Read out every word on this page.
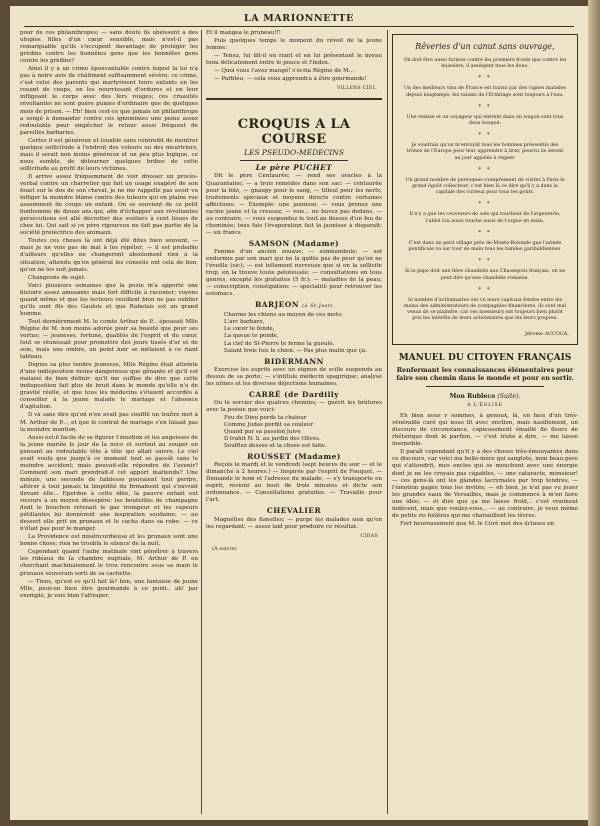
LA MARIONNETTE

pour de ces philanthropes; — sans doute ils obéissent à des utopies filles d'un cœur sensible, mais n'est-il pas remarquable qu'ils s'occupent davantage de protéger les grèdins contre les honnêtes gens que les honnêtes gens contre les grèdins?

Ainsi il y a un crime épouvantable contre lequel la loi n'a pas à notre avis de châtiment suffisamment sévère; ce crime, c'est celui des parents qui martyrisent leurs enfants en les rouant de coups, en les nourrissant d'ordures et en leur infligeant le corps avec des fers rouges; ces cruautés révoltantes ne sont guère punies d'ordinaire que de quelques mois de prison. — Eh! bien cest-ce que jamais un philanthrope a songé à demander contre ces ignominies une peine assez redoutable pour empêcher le retour aussi fréquent de pareilles barbaries.

Certes il est généreux et louable sans contredit de montrer quelque sollicitude à l'endroit des voleurs ou des meurtriers, mais il serait non moins généreux et un peu plus logique, ce nous semble, de détourner quelques bribes de cette sollicitude au profit de leurs victimes.

Il arrive assez fréquemment de voir dresser un procès-verbal contre un charretier qui fait un usage exagéré de son fouet sur le dos de son cheval, je ne me rappelle pas avoir vu infliger la moindre blâme contre des tuteurs qui en plaine rue assomment de coups un enfant. On se souvient de ce petit bonhomme de douze ans qui, afin d'échapper aux révoltantes persécutions est allé décrotter des souliers à cent lieues de chez lui. Qui sait si ce père rigoureux ne fait pas partie de la société protectrice des animaux.

Toutes ces choses là ont déjà été dites bien souvent, — mais je ne vois pas de mal à les répéter; — il est probable d'ailleurs qu'elles ne changeront absolument rien à la situation, attendu qu'en général les conseils ont cela de bon, qu'on ne les suit jamais.

Changeons de sujet.

Voici plusieurs semaines que la poste m'a apporté une histoire assez amusante mais fort difficile à raconter; voyons quand même et que les lecteurs veuillent bien ne pas oublier qu'ils sont fils des Gaulois et que Rabelais est un grand homme.

Tout dernièrement M. le comte Arthur de P... épousait Mlle Régine de M. non moins adorée pour sa beauté que pour ses vertus; — jeunesse, fortune, qualités de l'esprit et du cœur, tout se réunissait pour promettre des jours tissés d'or et de soie, mais une ombre, un point noir se mêlaient à ce riant tableau.

Depuis sa plus tendre jeunesse, Mlle Régine était atteinte d'une indisposition moins dangereuse que gênante et qu'il est malaisé de bien définir: qu'il me suffise de dire que cette indisposition fait plus de bruit dans le monde qu'elle n'a de gravité réelle, et que tous les médecins s'étaient accordés à conseiller à la jeune malade le mariage et l'absence d'agitation.

Il va sans dire qu'on n'en avait pas soufflé un traître mot à M. Arthur de P..., et que le contrat de mariage s'en faisait pas la moindre mention.

Aussi est-il facile de se figurer l'émotion et les angoisses de la jeune mariée le jour de la noce et surtout au souper en pensant au redoutable tête à tête qui allait suivre. Le ciel avait voulu que jusqu'à ce moment tout se passât sans le moindre accident; mais pouvait-elle répondre de l'avenir? Comment son mari prendrait-il cet apport inattendu? Une minute, une seconde de faiblesse pouvaient tout perdre, altérer à tout jamais la limpidité du firmament qui s'ouvrait devant elle... Eperdue à cette idée, la pauvre enfant eut recours à un moyen désespéré: les bouteilles de champagne dont le bouchon retenait le gaz trompeur et les vapeurs pétillantes lui donnèrent une inspiration soudaine: — au dessert elle prit un prunaux et le cacha dans sa robe: — ce n'était pas pour le manger.

La Providence est miséricordieuse et les prunaux sont une bonne chose: rien ne troubla le silence de la nuit.

Cependant quand l'aube matinale vint pénétrer à travers les rideaux de la chambre nuptiale, M. Arthur de P. en cherchant machinalement le trou rencontre sous sa main le prunaux souverain sorti de sa cachette.

— Tiens, qu'est ce qu'il fait là? bon, une fantaisie de jeune Mlle, peut-on bien être gourmande à ce point.. ah! par exemple, je vois bien l'attraper:

Et il mangea le pruneau!!!

Puis quelques temps le moment du réveil de la jeune femme:

— Tenez, lui dit-il en riant et en lui présentant le noyau tenu délicatement entre le pouce et l'index.

— Quoi vous l'avez mangé! s'écria Régine de M...

— Parbleu, — cela vous apprendra à être gourmande!

VILLERS CIEL.
CROQUIS A LA COURSE
LES PSEUDO-MÉDECINS
Le père PUCHET

Dit le père Centaurée; — rend ses oracles à la Quarantaine; — a trois remèdes dans son sac: — centaurée pour la bile, — gnaupy pour le sang, — tilleul pour les nerfs; traitements spéciaux et moyens directs contre certaines affections. — Exemple: une jaunisse; — vous prenez une racine jaune et la creusez, — vois... ne buvez pas dedans, — au contraire, — vous suspendez le tout au dessus d'un feu de cheminée; tous fais l'évaporation fait la jaunisse à disparaît; — six francs.

SAMSON (Madame)

Femme d'un ancien zouave; — somnambule; — est endormie par son mari qui ne la quitte pas de peur qu'on ne l'éveille (sic); — est tellement nerveuse que si on la sollicite trop, en la trouve toute peloteusée; — consultations en tous genres, excepté les gratuites (5 fr.); — maladies de la peau; — conscription, constipation; — spécialité pour retrouver les estomacs.

BARJEON (à St-Just)

Charme les chiens au moyen de ces mots:

L'arc barbare,

Le cœur te fende,

La queue te pende,

La clef de St-Pierre te ferme la gueule.

Salant trois fois le chien. — Pas plus malin que ça.

BIDERMANN

Exorcise les esprits avec un oignon de scille suspendu au dessus de sa porte; — s'intitule médecin spagirique; analyse les urines et les diverses déjections humaines.

CARRÉ (de Dardilly

Ou le sorcier des quatres chemins; — guérit les brûlures avec la poésie que voici:

Feu de Dieu perds ta chaleur

Comme Judas perdit sa couleur

Quand par sa passion juive

Il trahit N. S. au jardin des Olives.

Soufflez dessus et la chose est faite.

ROUSSET (Madame)

Reçois le mardi et le vendredi (sept heures du soir — et le dimanche à 2 heures.) — Inspirée par l'esprit de Fouquet. — Demande le nom et l'adresse du malade, — s'y transporte en esprit, revient au bout de trois minutes et dicte son ordonnance. — Consultations gratuites. — Travaille pour l'art.

CHEVALIER

Magnétise des flanelles; — purge les malades sien qu'en les regardant; — assez laid pour produire ce résultat.

CIDAS
(A suivre)
Rêveries d'un canut sans ouvrage,
On doit être aussi furieux contre les premiers froids que contre les huissiers; il assiègent tous les deux.
* *
Un des meilleurs vins de France est fourni par des vignes malades depuis longtemps; les raisins de l'Ermitage sont toujours à l'eau.
* *
Une remise et un voyageur qui entrent dans un wagon sont tous deux bosqué.
* *
Je voudrais qu'on m'envoyât tous les hommes préssentis des trônes de l'Europe pour leur apprendre à tirer, pourvu ils seront au jour appelés à régner.
* *
Un grand nombre de personnes s'empressent de visiter à Paris le grand égoût collecteur; c'est bien là ce dire qu'il y a dans la capitale des curieux pour tous les goûts.
* *
Il n'y a que les couvreurs de sole qui touchent de l'argenterie, l'abbé Liu aussi touche aussi de l'orgue en main.
* *
C'est dans un petit village près de Monte-Rotondo que l'armée pontificale va sur tour de main tous les bandes garibaldiennes.
* *
Si le pape doit une fière chandelle aux Chassepots français, on ne peut dire qu'une chandelle romaine.
* *
Si nombre d'actionnaires ont vu leurs capitaux fondre entre les mains des administrateurs de compagnies financières, ils sont mal venus de se plaindre, car ces messieurs ont toujours bien plutôt pris les intérêts de leurs actionnaires que les leurs propres.
Jérome ACCOCA.
MANUEL DU CITOYEN FRANÇAIS
Renfermant les connaissances élémentaires pour faire son chemin dans le monde et pour en sortir.
Mon Rubleco (Suite).
A L'ÉGLISE

Eh bien nous y sommes, à genoux, là, en face d'un très-vénérable curé qui nous lit avec onction, mais nasillement, un discours de circonstance, copieusement émaillé de fleurs de rhétorique dont le parfum, — c'est triste à dire, — me laisse insensible.

Il paraît cependant qu'il y a des choses très-émouvantes dans ce discours, car voici ma belle-mère qui sanglote, mon beau-père qui s'attendrit, mes oncles qui se mouchent avec une énergie dont je ne les croyais pas capables, — une cataracte, monsieur! — ces gens-là ont les glandes lacrymales par trop tendres, — l'émotion gagne tous les invités; — eh bien, je n'ai pas vu jouer les grandes eaux de Versailles, mais je commence à m'en faire une idée; — et dire que ça me laisse froid,.. c'est vraiment indécent, mais que voulez-vous... — au contraire, je veux même de petits ris folâtres qui me chatouillent les lèvres.

Fort heureusement que M. le Curé met des écluses en
